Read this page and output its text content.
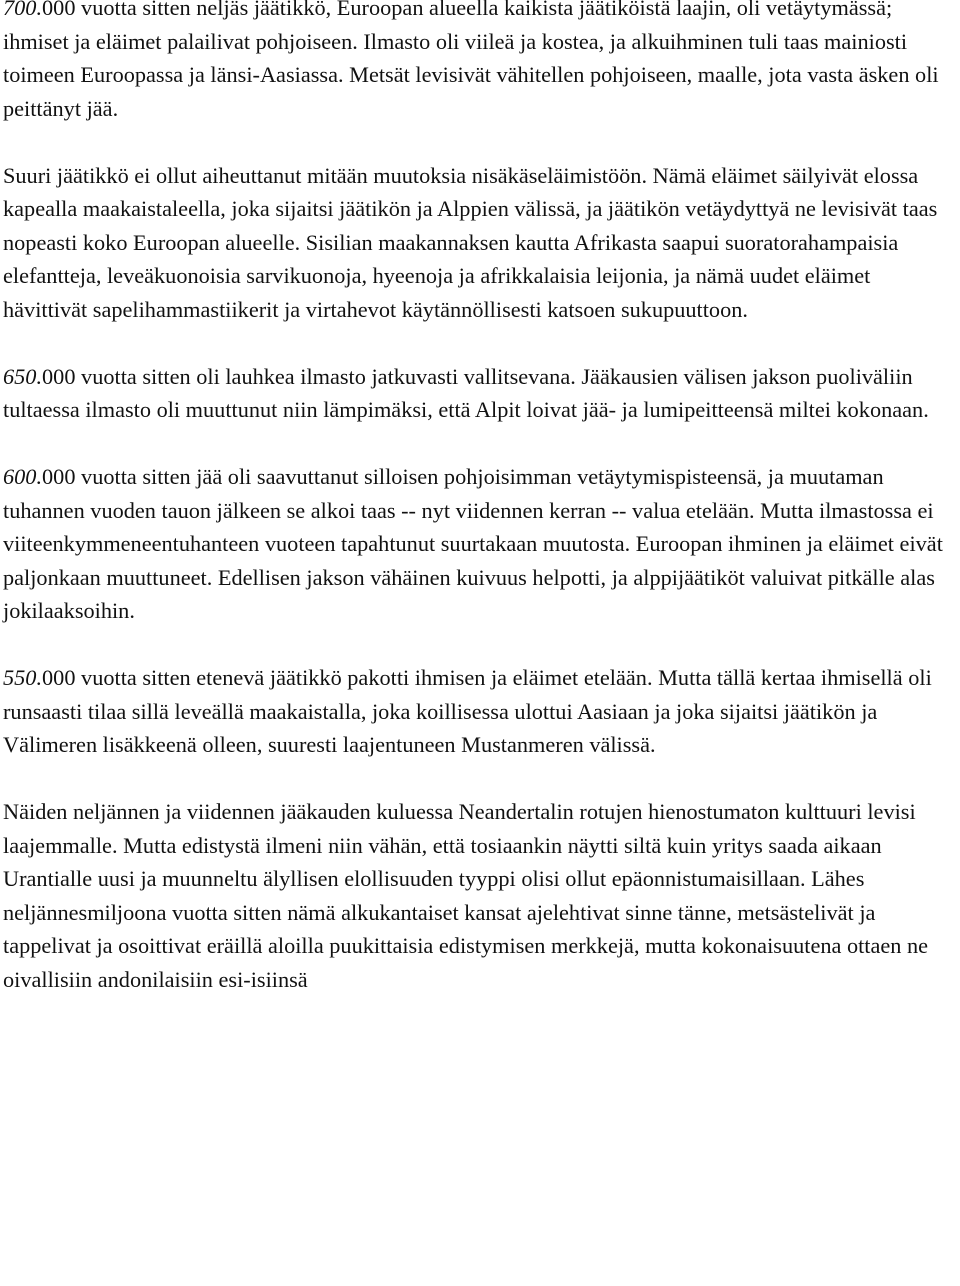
700.000 vuotta sitten neljäs jäätikkö, Euroopan alueella kaikista jäätiköistä laajin, oli vetäytymässä; ihmiset ja eläimet palailivat pohjoiseen. Ilmasto oli viileä ja kostea, ja alkuihminen tuli taas mainiosti toimeen Euroopassa ja länsi-Aasiassa. Metsät levisivät vähitellen pohjoiseen, maalle, jota vasta äsken oli peittänyt jää.

Suuri jäätikkö ei ollut aiheuttanut mitään muutoksia nisäkäseläimistöön. Nämä eläimet säilyivät elossa kapealla maakaistaleella, joka sijaitsi jäätikön ja Alppien välissä, ja jäätikön vetäydyttyä ne levisivät taas nopeasti koko Euroopan alueelle. Sisilian maakannaksen kautta Afrikasta saapui suoratorahampaisia elefantteja, leveäkuonoisia sarvikuonoja, hyeenoja ja afrikkalaisia leijonia, ja nämä uudet eläimet hävittivät sapelihammastiikerit ja virtahevot käytännöllisesti katsoen sukupuuttoon.

650.000 vuotta sitten oli lauhkea ilmasto jatkuvasti vallitsevana. Jääkausien välisen jakson puoliväliin tultaessa ilmasto oli muuttunut niin lämpimäksi, että Alpit loivat jää- ja lumipeitteensä miltei kokonaan.

600.000 vuotta sitten jää oli saavuttanut silloisen pohjoisimman vetäytymispisteensä, ja muutaman tuhannen vuoden tauon jälkeen se alkoi taas -- nyt viidennen kerran -- valua etelään. Mutta ilmastossa ei viiteenkymmeneentuhanteen vuoteen tapahtunut suurtakaan muutosta. Euroopan ihminen ja eläimet eivät paljonkaan muuttuneet. Edellisen jakson vähäinen kuivuus helpotti, ja alppijäätiköt valuivat pitkälle alas jokilaaksoihin.

550.000 vuotta sitten etenevä jäätikkö pakotti ihmisen ja eläimet etelään. Mutta tällä kertaa ihmisellä oli runsaasti tilaa sillä leveällä maakaistalla, joka koillisessa ulottui Aasiaan ja joka sijaitsi jäätikön ja Välimeren lisäkkeenä olleen, suuresti laajentuneen Mustanmeren välissä.

Näiden neljännen ja viidennen jääkauden kuluessa Neandertalin rotujen hienostumaton kulttuuri levisi laajemmalle. Mutta edistystä ilmeni niin vähän, että tosiaankin näytti siltä kuin yritys saada aikaan Urantialle uusi ja muunneltu älyllisen elollisuuden tyyppi olisi ollut epäonnistumaisillaan. Lähes neljännesmiljoona vuotta sitten nämä alkukantaiset kansat ajelehtivat sinne tänne, metsästelivät ja tappelivat ja osoittivat eräillä aloilla puukittaisia edistymisen merkkejä, mutta kokonaisuutena ottaen ne oivallisiin andonilaisiin esi-isiinsä
